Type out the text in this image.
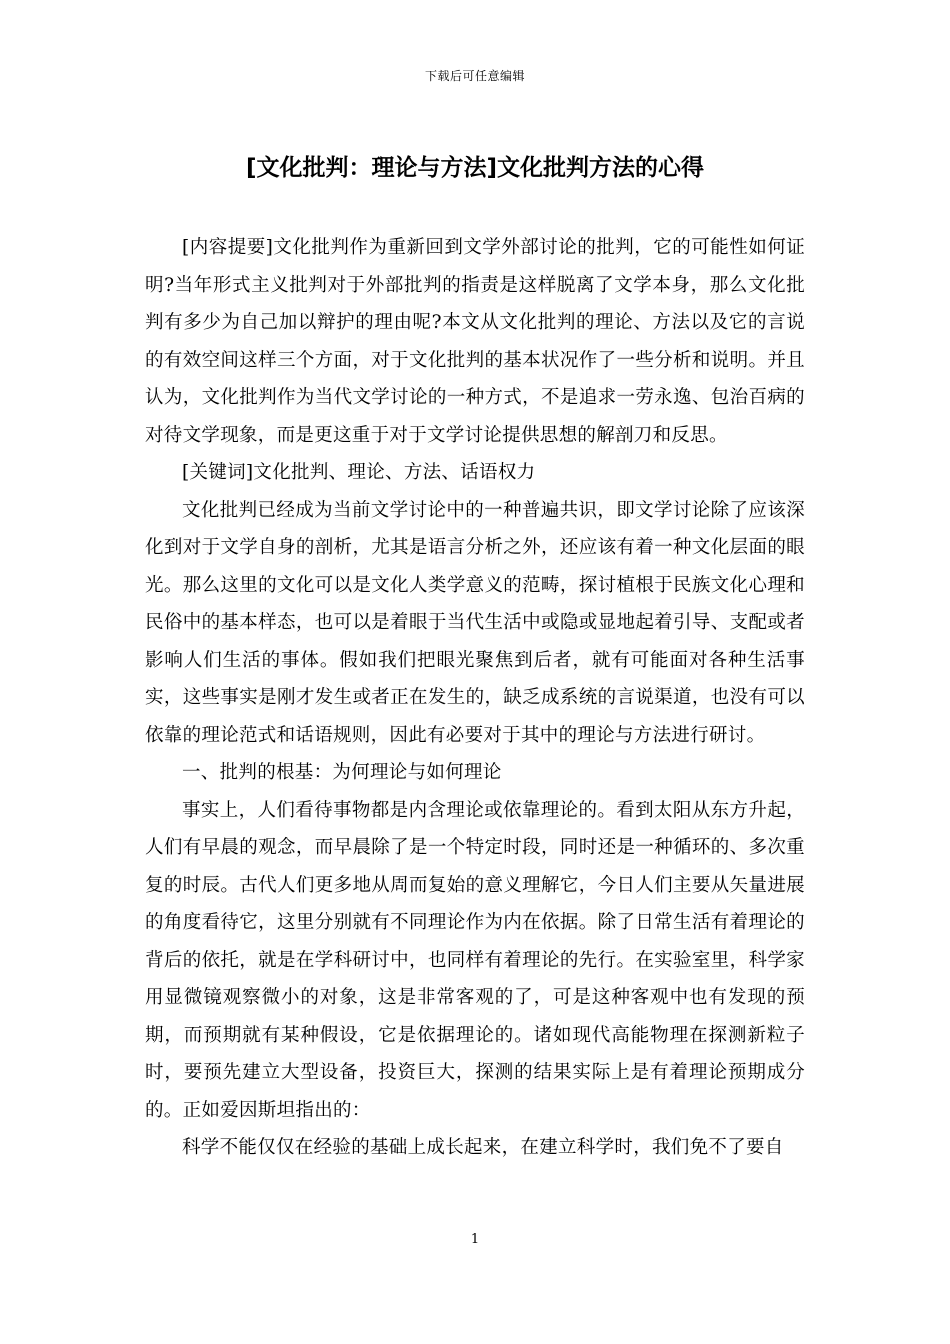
下载后可任意编辑
[文化批判：理论与方法]文化批判方法的心得

[内容提要]文化批判作为重新回到文学外部讨论的批判，它的可能性如何证明?当年形式主义批判对于外部批判的指责是这样脱离了文学本身，那么文化批判有多少为自己加以辩护的理由呢?本文从文化批判的理论、方法以及它的言说的有效空间这样三个方面，对于文化批判的基本状况作了一些分析和说明。并且认为，文化批判作为当代文学讨论的一种方式，不是追求一劳永逸、包治百病的对待文学现象，而是更这重于对于文学讨论提供思想的解剖刀和反思。

[关键词]文化批判、理论、方法、话语权力

文化批判已经成为当前文学讨论中的一种普遍共识，即文学讨论除了应该深化到对于文学自身的剖析，尤其是语言分析之外，还应该有着一种文化层面的眼光。那么这里的文化可以是文化人类学意义的范畴，探讨植根于民族文化心理和民俗中的基本样态，也可以是着眼于当代生活中或隐或显地起着引导、支配或者影响人们生活的事体。假如我们把眼光聚焦到后者，就有可能面对各种生活事实，这些事实是刚才发生或者正在发生的，缺乏成系统的言说渠道，也没有可以依靠的理论范式和话语规则，因此有必要对于其中的理论与方法进行研讨。

一、批判的根基：为何理论与如何理论

事实上，人们看待事物都是内含理论或依靠理论的。看到太阳从东方升起，人们有早晨的观念，而早晨除了是一个特定时段，同时还是一种循环的、多次重复的时辰。古代人们更多地从周而复始的意义理解它，今日人们主要从矢量进展的角度看待它，这里分别就有不同理论作为内在依据。除了日常生活有着理论的背后的依托，就是在学科研讨中，也同样有着理论的先行。在实验室里，科学家用显微镜观察微小的对象，这是非常客观的了，可是这种客观中也有发现的预期，而预期就有某种假设，它是依据理论的。诸如现代高能物理在探测新粒子时，要预先建立大型设备，投资巨大，探测的结果实际上是有着理论预期成分的。正如爱因斯坦指出的：

科学不能仅仅在经验的基础上成长起来，在建立科学时，我们免不了要自

1
